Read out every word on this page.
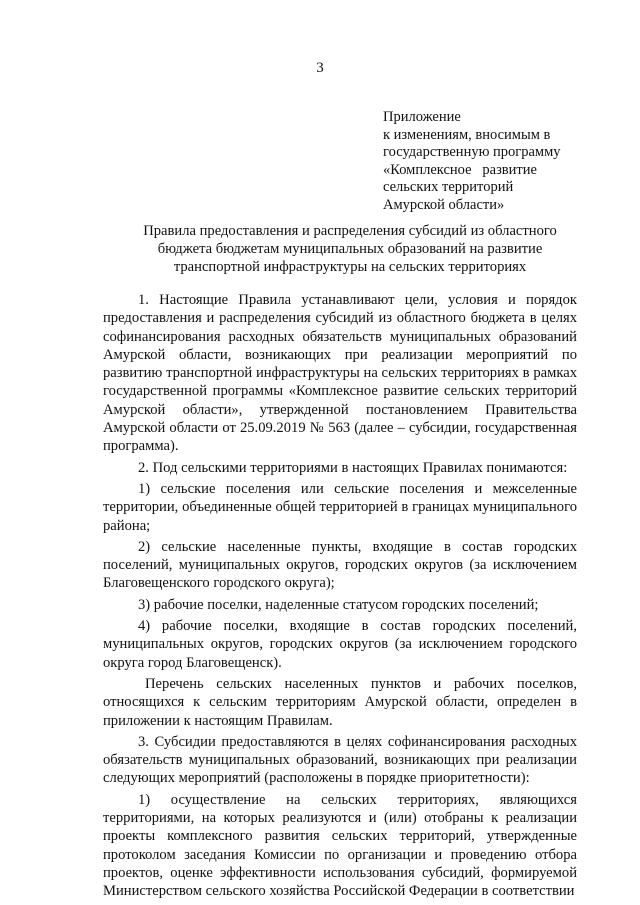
3
Приложение
к изменениям, вносимым в
государственную программу
«Комплексное   развитие
сельских территорий
Амурской области»
Правила предоставления и распределения субсидий из областного
бюджета бюджетам муниципальных образований на развитие
транспортной инфраструктуры на сельских территориях

1. Настоящие Правила устанавливают цели, условия и порядок предоставления и распределения субсидий из областного бюджета в целях софинансирования расходных обязательств муниципальных образований Амурской области, возникающих при реализации мероприятий по развитию транспортной инфраструктуры на сельских территориях в рамках государственной программы «Комплексное развитие сельских территорий Амурской области», утвержденной постановлением Правительства Амурской области от 25.09.2019 № 563 (далее – субсидии, государственная программа).

2. Под сельскими территориями в настоящих Правилах понимаются:

1) сельские поселения или сельские поселения и межселенные территории, объединенные общей территорией в границах муниципального района;

2) сельские населенные пункты, входящие в состав городских поселений, муниципальных округов, городских округов (за исключением Благовещенского городского округа);

3) рабочие поселки, наделенные статусом городских поселений;

4) рабочие поселки, входящие в состав городских поселений, муниципальных округов, городских округов (за исключением городского округа город Благовещенск).

Перечень сельских населенных пунктов и рабочих поселков, относящихся к сельским территориям Амурской области, определен в приложении к настоящим Правилам.

3. Субсидии предоставляются в целях софинансирования расходных обязательств муниципальных образований, возникающих при реализации следующих мероприятий (расположены в порядке приоритетности):

1) осуществление на сельских территориях, являющихся территориями, на которых реализуются и (или) отобраны к реализации проекты комплексного развития сельских территорий, утвержденные протоколом заседания Комиссии по организации и проведению отбора проектов, оценке эффективности использования субсидий, формируемой Министерством сельского хозяйства Российской Федерации в соответствии
